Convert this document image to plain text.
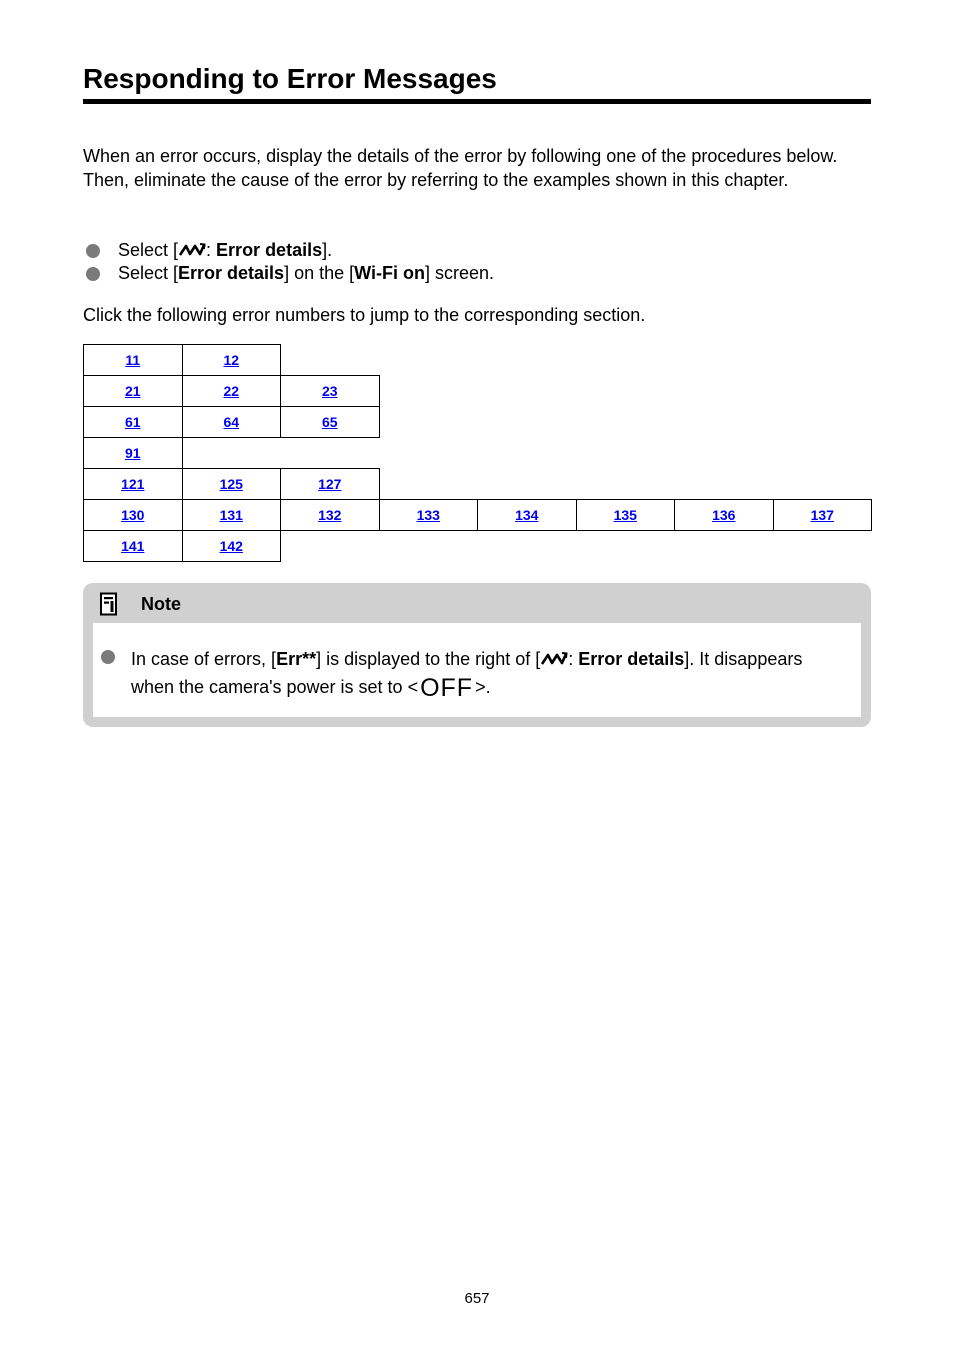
Responding to Error Messages

When an error occurs, display the details of the error by following one of the procedures below. Then, eliminate the cause of the error by referring to the examples shown in this chapter.

Select [ : Error details].
Select [Error details] on the [Wi-Fi on] screen.

Click the following error numbers to jump to the corresponding section.

11	12						
21	22	23					
61	64	65					
91							
121	125	127					
130	131	132	133	134	135	136	137
141	142						
Note

In case of errors, [Err**] is displayed to the right of [ : Error details]. It disappears when the camera's power is set to <OFF >.

657
